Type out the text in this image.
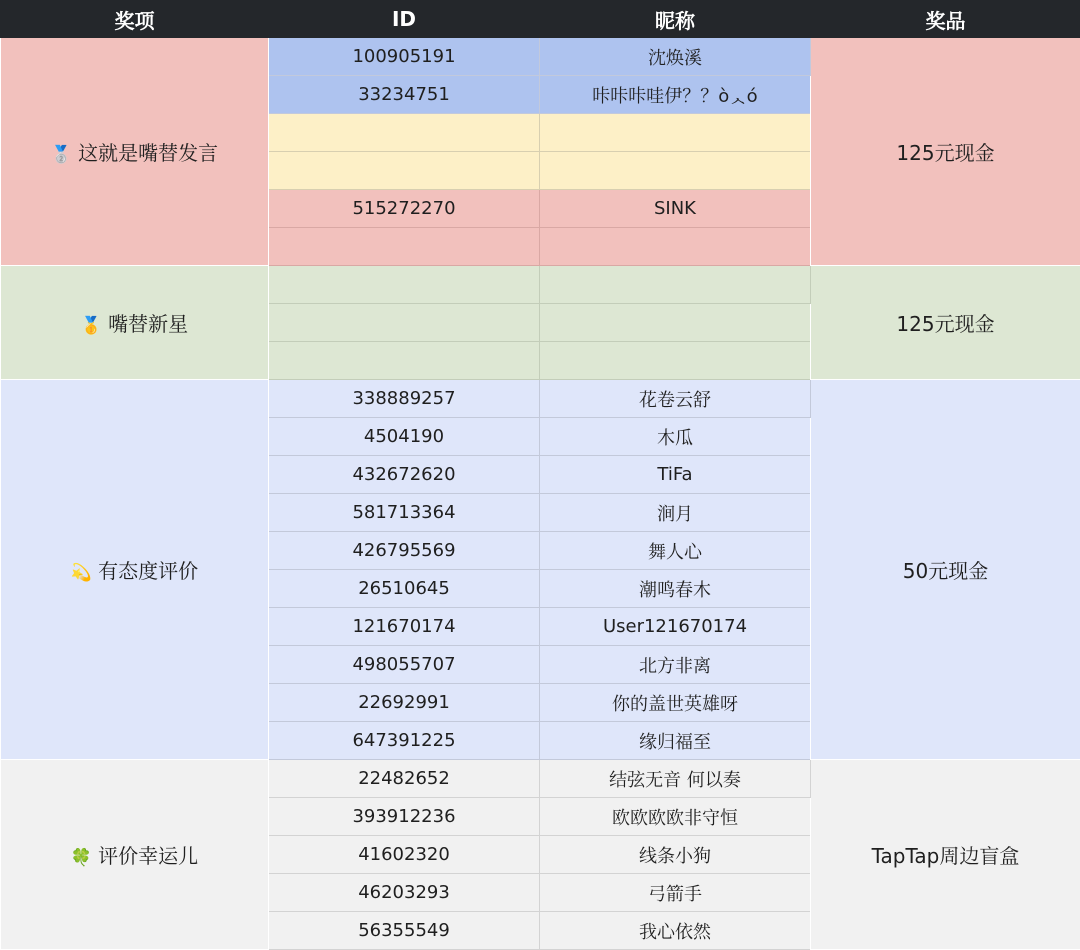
奖项	ID	昵称	奖品
🥈 这就是嘴替发言	100905191	沈焕溪	125元现金
	33234751	咔咔咔哇伊？？ὸᆺό	

	515272270	SINK	

🥇 嘴替新星			125元现金

💫 有态度评价	338889257	花卷云舒	50元现金
	4504190	木瓜	
	432672620	TiFa	
	581713364	涧月	
	426795569	舞人心	
	26510645	潮鸣春木	
	121670174	User121670174	
	498055707	北方非离	
	22692991	你的盖世英雄呀	
	647391225	缘归福至	
🍀 评价幸运儿	22482652	结弦无音 何以奏	TapTap周边盲盒
	393912236	欧欧欧欧非守恒	
	41602320	线条小狗	
	46203293	弓箭手	
	56355549	我心依然	
